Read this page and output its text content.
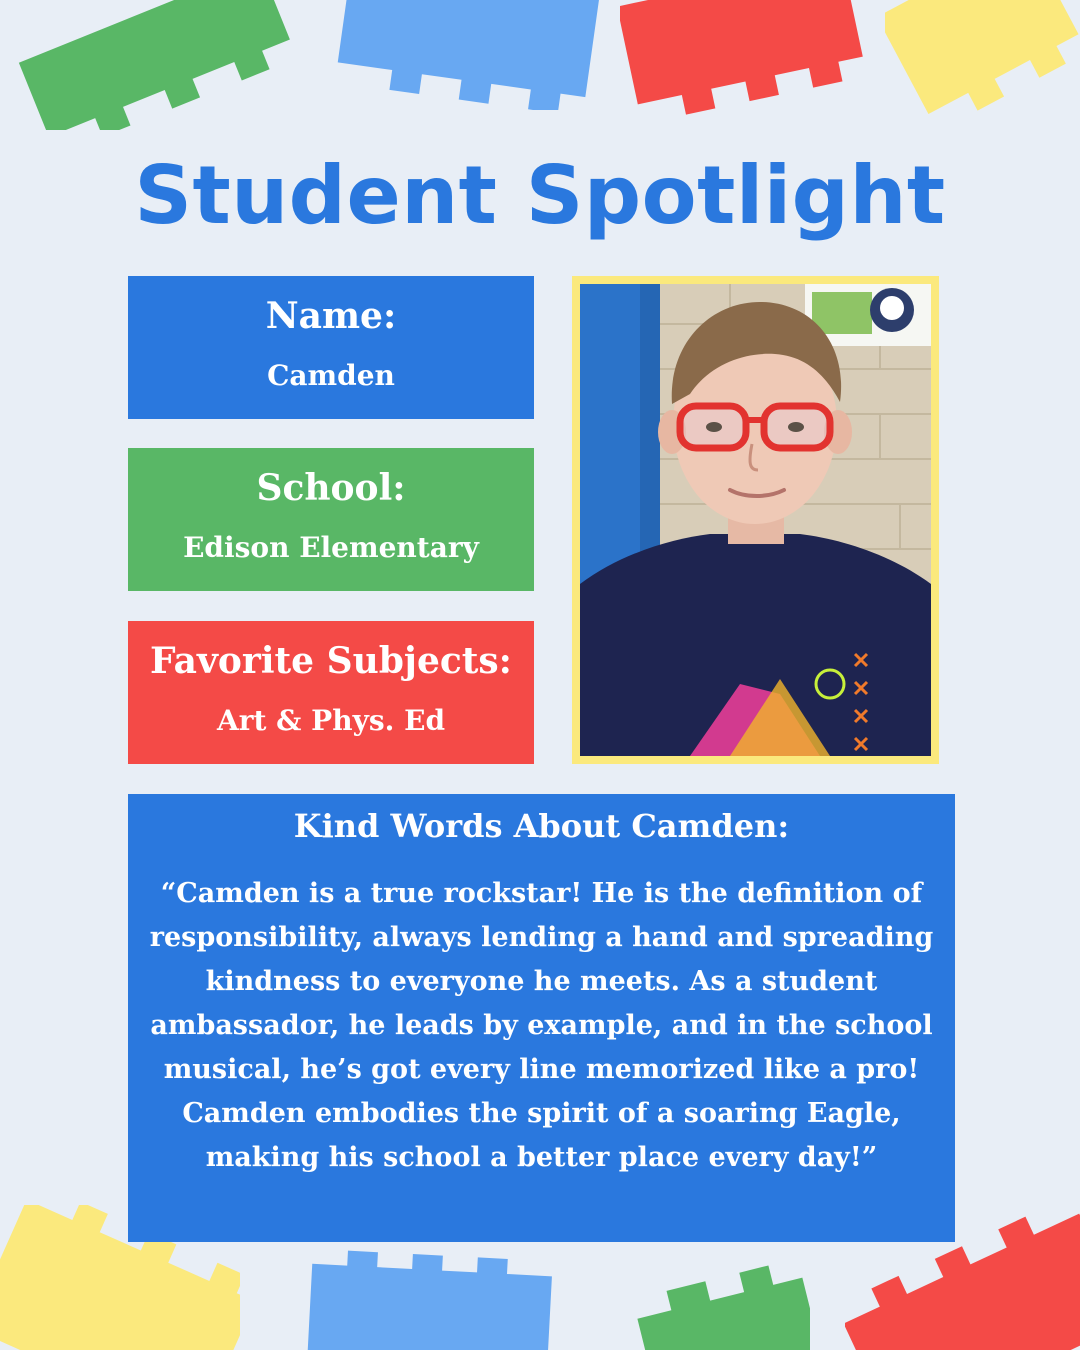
Student Spotlight
Name:
Camden
School:
Edison Elementary
Favorite Subjects:
Art & Phys. Ed
Kind Words About Camden:
“Camden is a true rockstar! He is the definition of responsibility, always lending a hand and spreading kindness to everyone he meets. As a student ambassador, he leads by example, and in the school musical, he’s got every line memorized like a pro! Camden embodies the spirit of a soaring Eagle, making his school a better place every day!”
